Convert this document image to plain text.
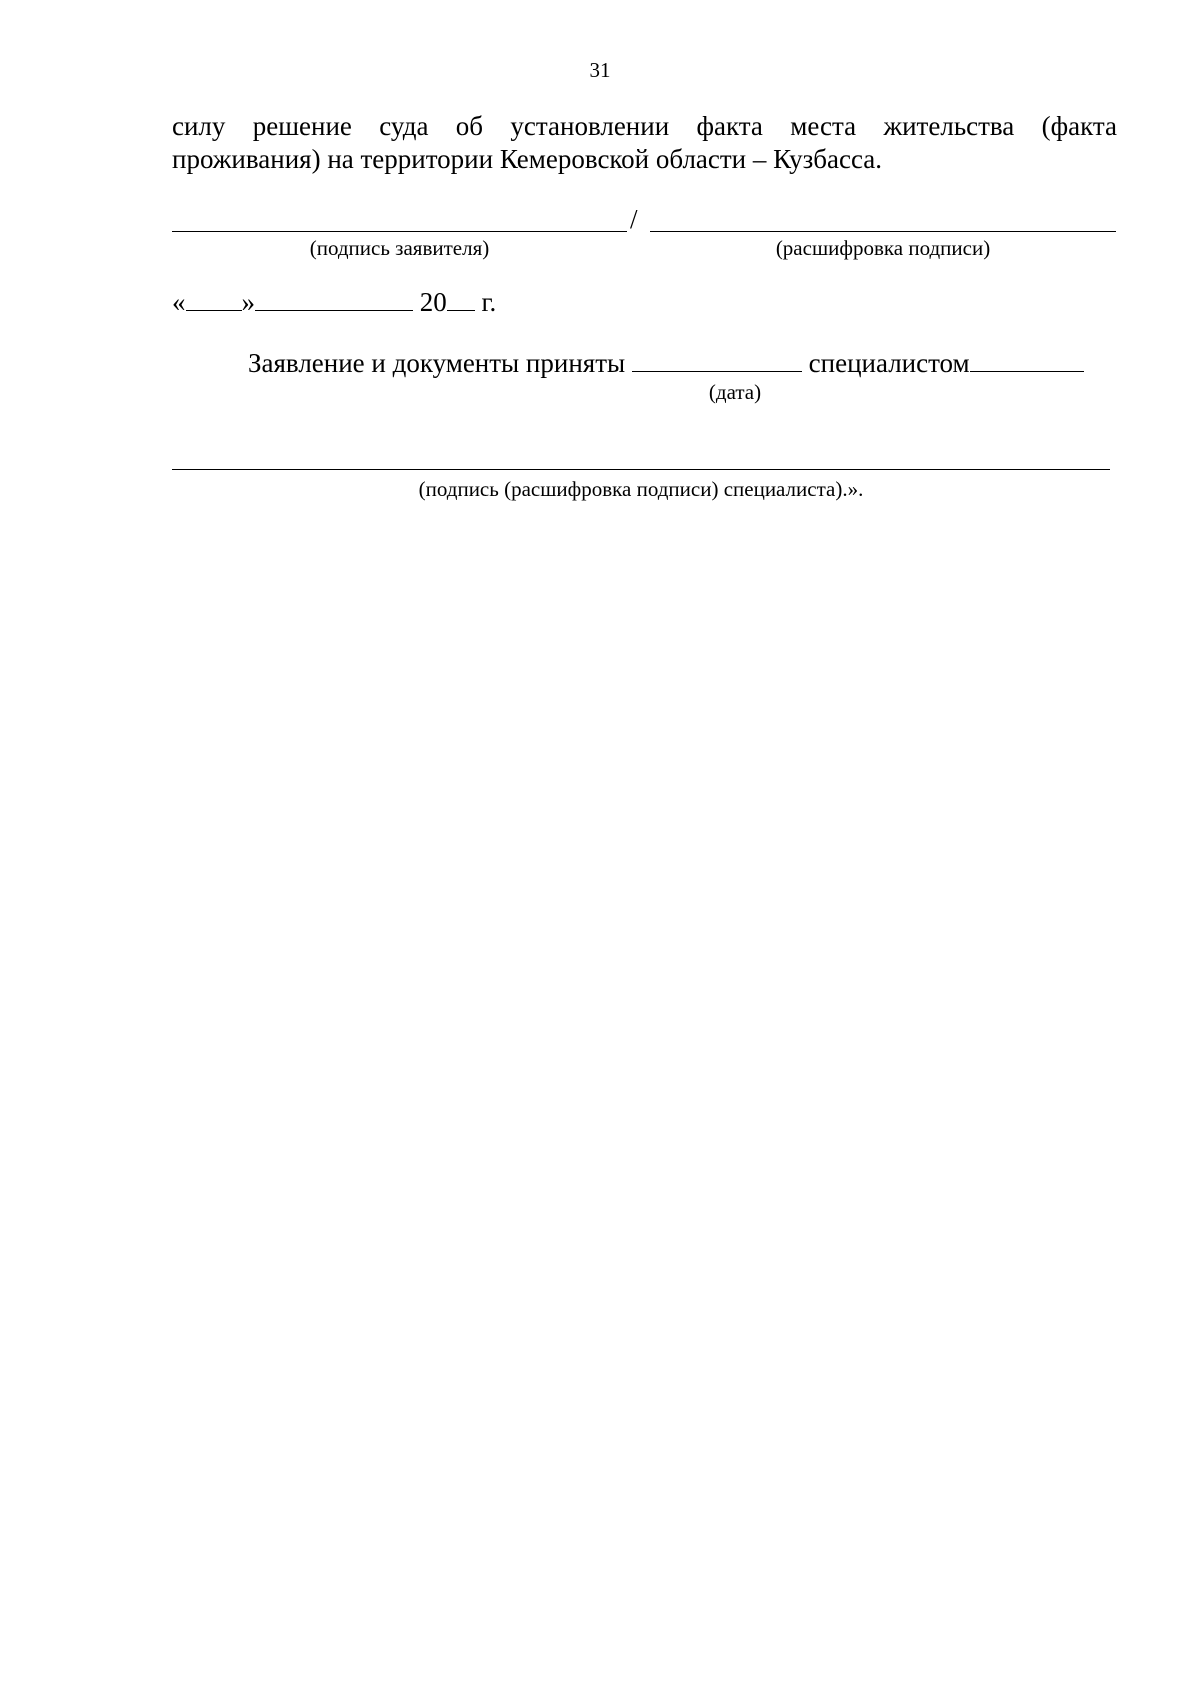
31
силу решение суда об установлении факта места жительства (факта
проживания) на территории Кемеровской области – Кузбасса.
/
(подпись заявителя)	(расшифровка подписи)
« »	20 г.
Заявление и документы приняты	специалистом
(дата)
(подпись (расшифровка подписи) специалиста).».
